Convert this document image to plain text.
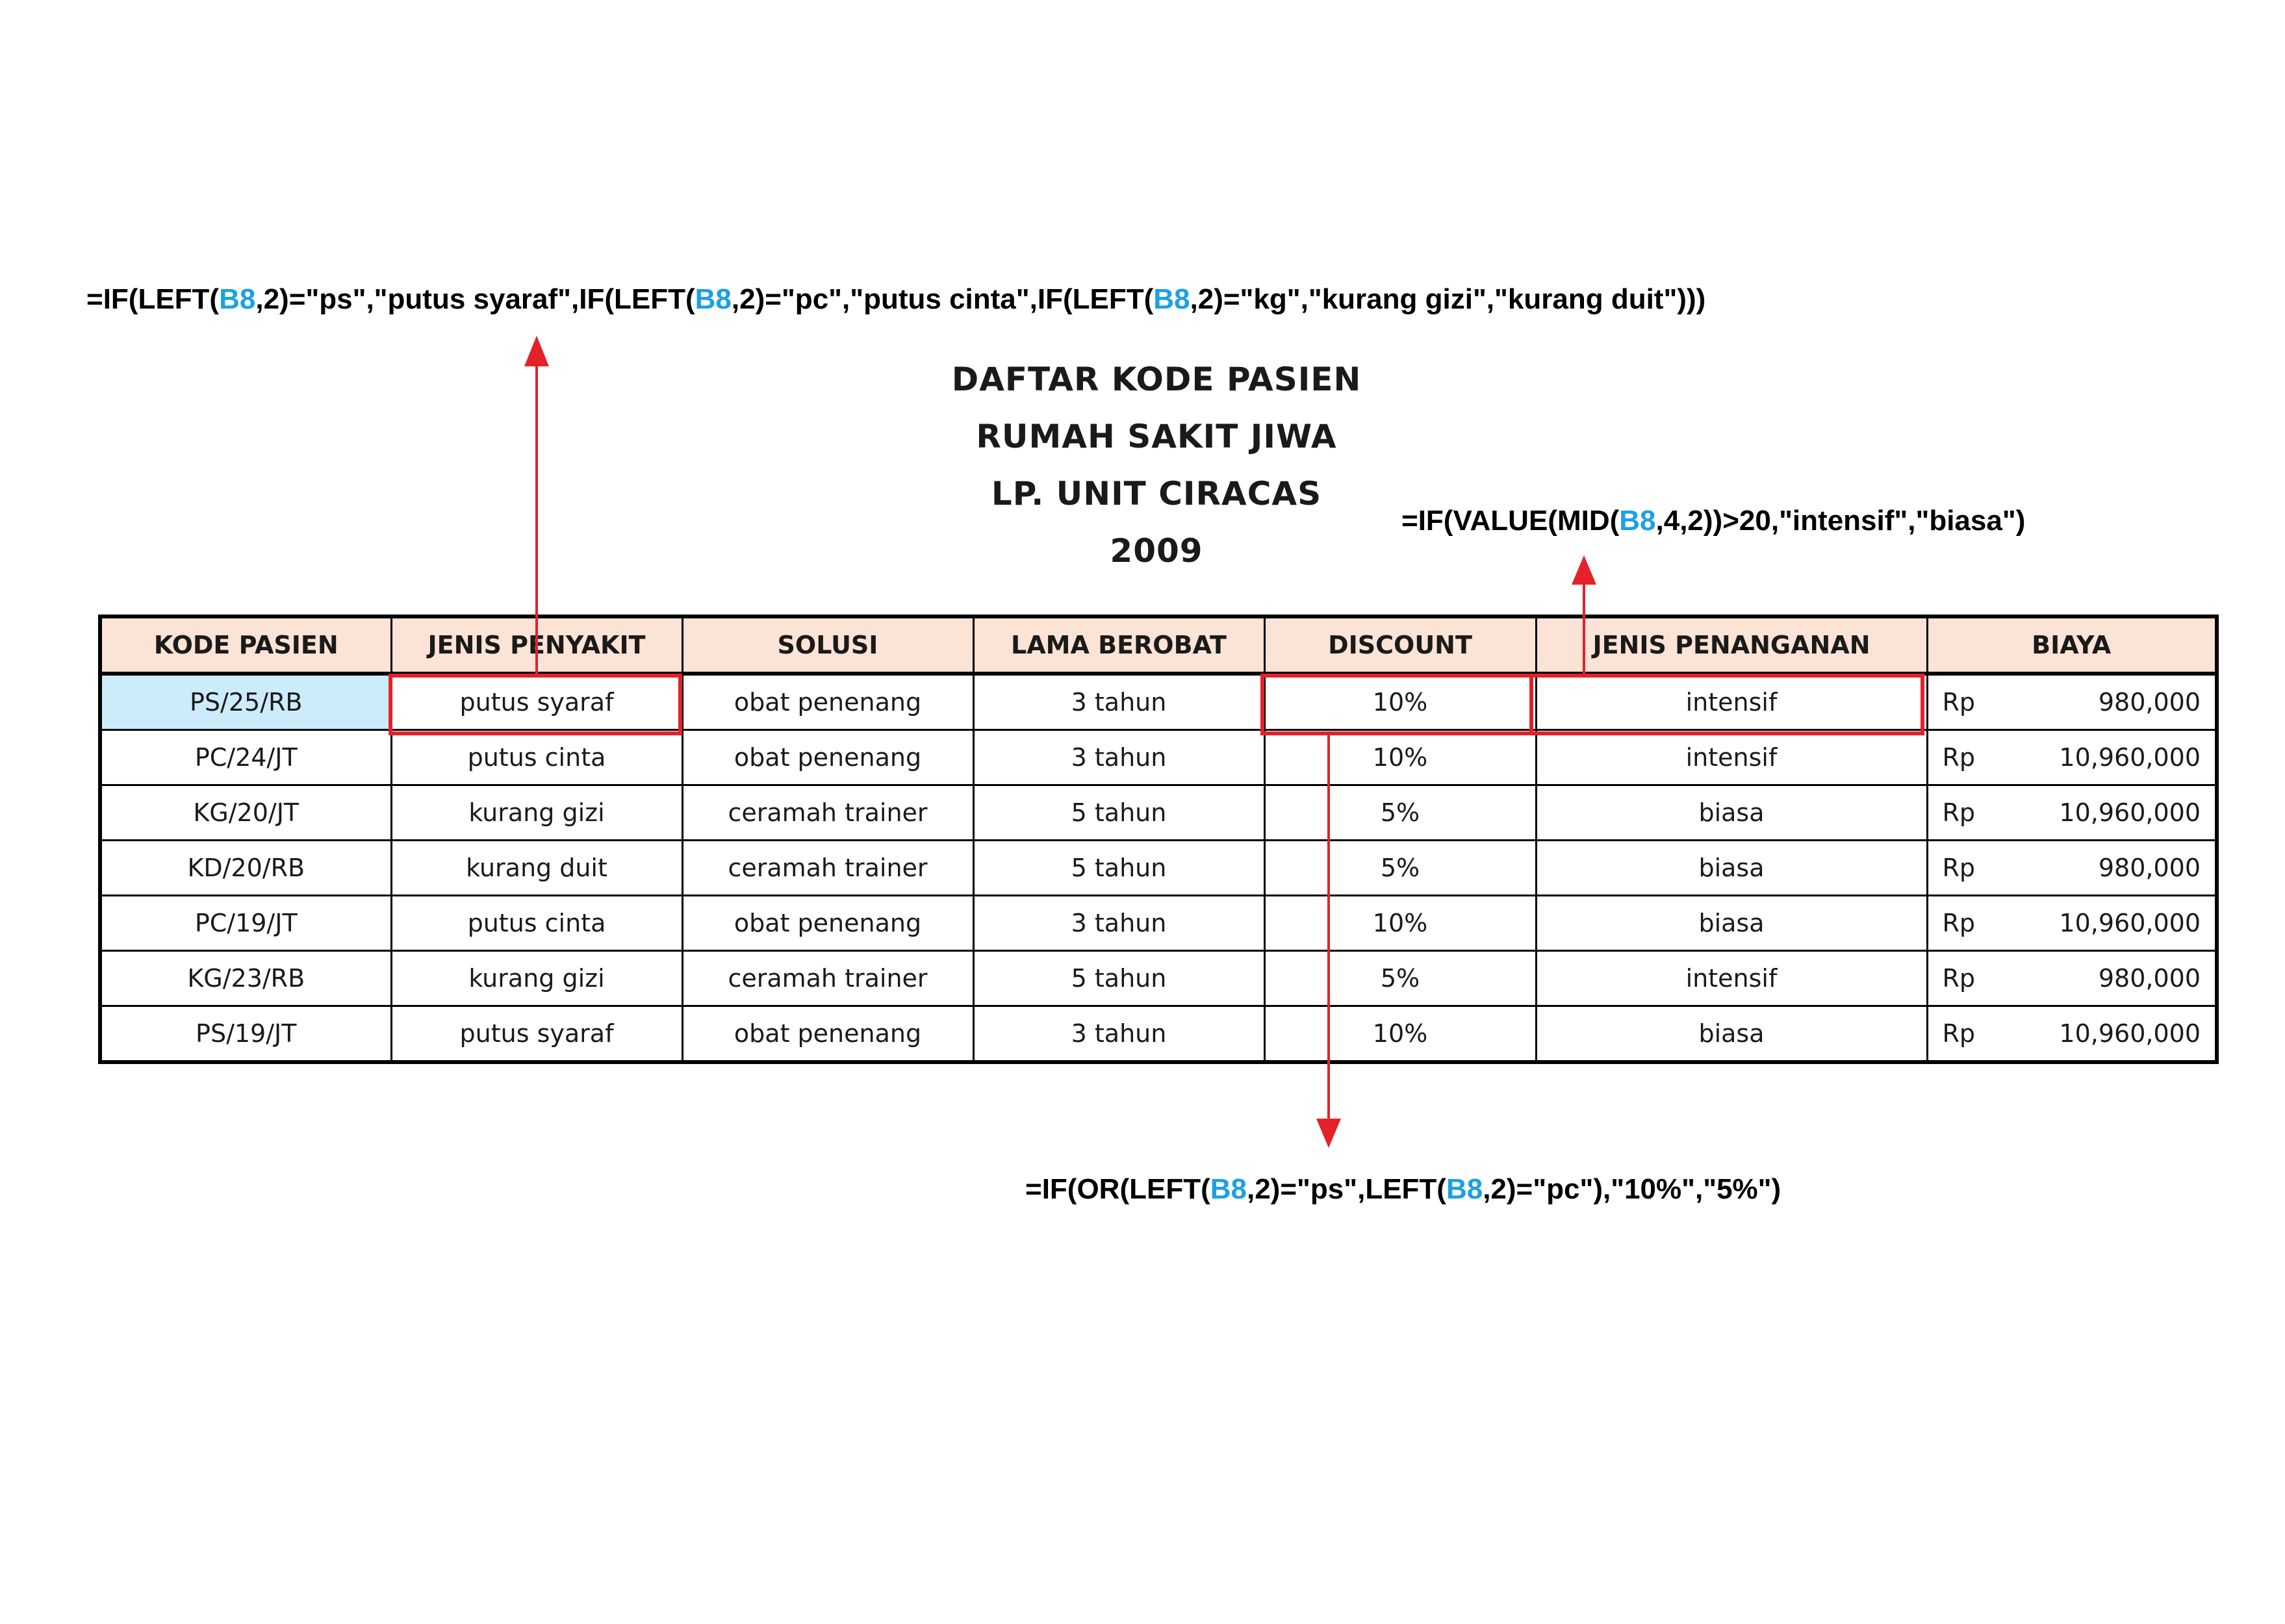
=IF(LEFT(B8,2)="ps","putus syaraf",IF(LEFT(B8,2)="pc","putus cinta",IF(LEFT(B8,2)="kg","kurang gizi","kurang duit")))
=IF(VALUE(MID(B8,4,2))>20,"intensif","biasa")
=IF(OR(LEFT(B8,2)="ps",LEFT(B8,2)="pc"),"10%","5%")
DAFTAR KODE PASIEN
RUMAH SAKIT JIWA
LP. UNIT CIRACAS
2009
KODE PASIEN	JENIS PENYAKIT	SOLUSI	LAMA BEROBAT	DISCOUNT	JENIS PENANGANAN	BIAYA
PS/25/RB	putus syaraf	obat penenang	3 tahun	10%	intensif	Rp 980,000

PC/24/JT	putus cinta	obat penenang	3 tahun	10%	intensif	Rp 10,960,000

KG/20/JT	kurang gizi	ceramah trainer	5 tahun	5%	biasa	Rp 10,960,000

KD/20/RB	kurang duit	ceramah trainer	5 tahun	5%	biasa	Rp 980,000

PC/19/JT	putus cinta	obat penenang	3 tahun	10%	biasa	Rp 10,960,000

KG/23/RB	kurang gizi	ceramah trainer	5 tahun	5%	intensif	Rp 980,000

PS/19/JT	putus syaraf	obat penenang	3 tahun	10%	biasa	Rp 10,960,000
